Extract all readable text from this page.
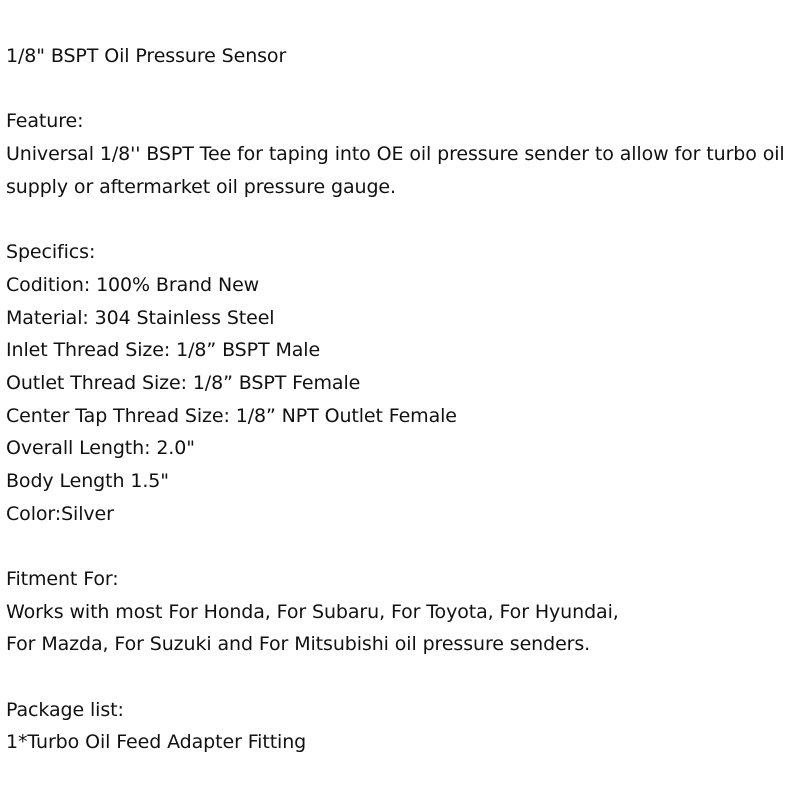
1/8" BSPT Oil Pressure Sensor
Feature:
Universal 1/8'' BSPT Tee for taping into OE oil pressure sender to allow for turbo oil
supply or aftermarket oil pressure gauge.
Specifics:
Codition: 100% Brand New
Material: 304 Stainless Steel
Inlet Thread Size: 1/8” BSPT Male
Outlet Thread Size: 1/8” BSPT Female
Center Tap Thread Size: 1/8” NPT Outlet Female
Overall Length: 2.0"
Body Length 1.5"
Color:Silver
Fitment For:
Works with most For Honda, For Subaru, For Toyota, For Hyundai,
For Mazda, For Suzuki and For Mitsubishi oil pressure senders.
Package list:
1*Turbo Oil Feed Adapter Fitting
